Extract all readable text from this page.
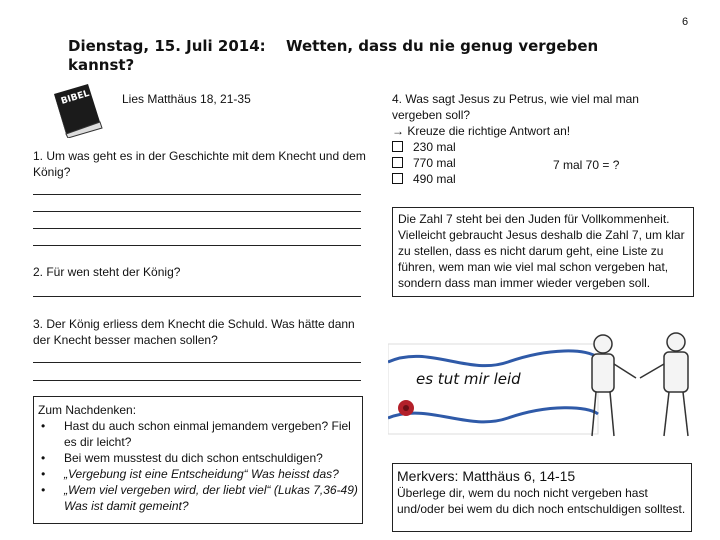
6
Dienstag, 15. Juli 2014: Wetten, dass du nie genug vergeben
kannst?
BIBEL	Lies Matthäus 18, 21-35
1. Um was geht es in der Geschichte mit dem Knecht und dem König?
2. Für wen steht der König?
3. Der König erliess dem Knecht die Schuld. Was hätte dann der Knecht besser machen sollen?
Zum Nachdenken:
• Hast du auch schon einmal jemandem vergeben? Fiel es dir leicht?
• Bei wem musstest du dich schon entschuldigen?
• „Vergebung ist eine Entscheidung“ Was heisst das?
• „Wem viel vergeben wird, der liebt viel“ (Lukas 7,36-49) Was ist damit gemeint?
4. Was sagt Jesus zu Petrus, wie viel mal man
vergeben soll?
→ Kreuze die richtige Antwort an!
230 mal
770 mal
490 mal
7 mal 70 = ?
Die Zahl 7 steht bei den Juden für Vollkommenheit. Vielleicht gebraucht Jesus deshalb die Zahl 7, um klar zu stellen, dass es nicht darum geht, eine Liste zu führen, wem man wie viel mal schon vergeben hat, sondern dass man immer wieder vergeben soll.
es tut mir leid
Merkvers: Matthäus 6, 14-15
Überlege dir, wem du noch nicht vergeben hast und/oder bei wem du dich noch entschuldigen solltest.
